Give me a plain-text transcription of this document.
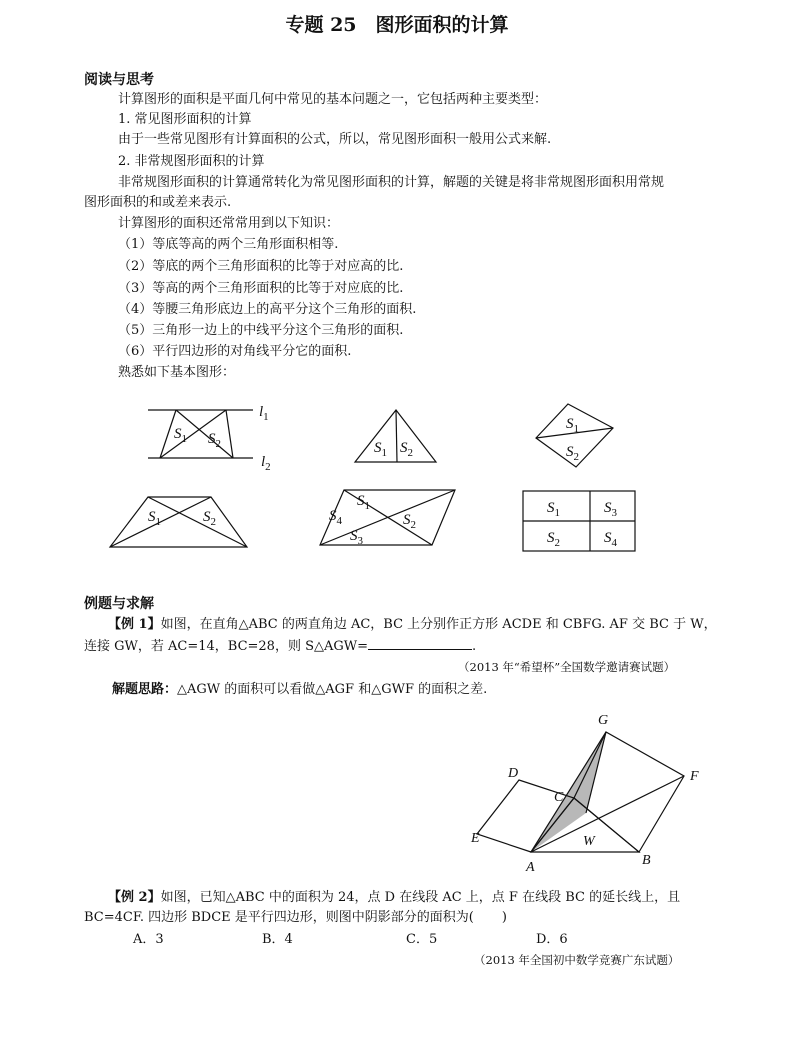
专题 25　图形面积的计算
阅读与思考
计算图形的面积是平面几何中常见的基本问题之一，它包括两种主要类型：
1. 常见图形面积的计算
由于一些常见图形有计算面积的公式，所以，常见图形面积一般用公式来解.
2. 非常规图形面积的计算
非常规图形面积的计算通常转化为常见图形面积的计算，解题的关键是将非常规图形面积用常规
图形面积的和或差来表示.
计算图形的面积还常常用到以下知识：
（1）等底等高的两个三角形面积相等.
（2）等底的两个三角形面积的比等于对应高的比.
（3）等高的两个三角形面积的比等于对应底的比.
（4）等腰三角形底边上的高平分这个三角形的面积.
（5）三角形一边上的中线平分这个三角形的面积.
（6）平行四边形的对角线平分它的面积.
熟悉如下基本图形：
$l_1$
$l_2$
$S_1$ $S_2$	$S_1$ $S_2$
$S_1$
$S_2$
$S_1$	$S_2$
$S_1$
$S_2$
$S_3$
$S_4$
$S_1$	$S_3$
$S_2$	$S_4$
G
D	F
C
E	W
A	B
例题与求解
【例 1】如图，在直角△ABC 的两直角边 AC，BC 上分别作正方形 ACDE 和 CBFG. AF 交 BC 于 W，
连接 GW，若 AC=14，BC=28，则 S△AGW=	.
（2013 年“希望杯”全国数学邀请赛试题）
解题思路：△AGW 的面积可以看做△AGF 和△GWF 的面积之差.
【例 2】如图，已知△ABC 中的面积为 24，点 D 在线段 AC 上，点 F 在线段 BC 的延长线上，且
BC=4CF. 四边形 BDCE 是平行四边形，则图中阴影部分的面积为( )
A．3	B．4	C．5	D．6
（2013 年全国初中数学竞赛广东试题）
